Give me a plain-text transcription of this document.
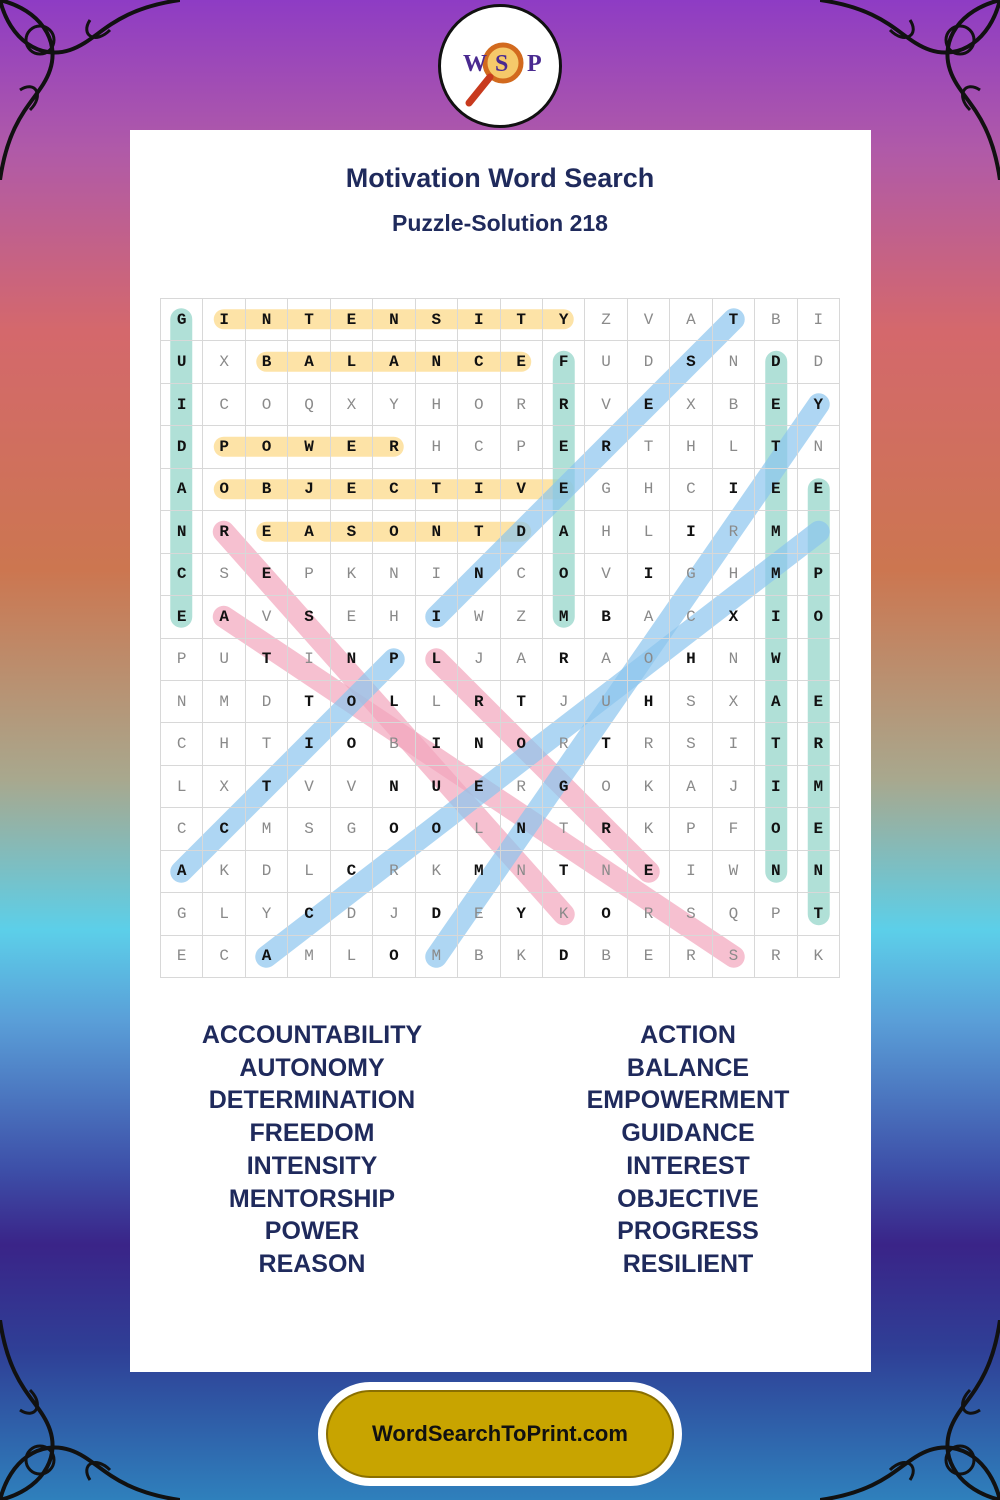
W S P
Motivation Word Search
Puzzle-Solution 218
G	I	N	T	E	N	S	I	T	Y	Z	V	A	T	B	I
U	X	B	A	L	A	N	C	E	F	U	D	S	N	D	D
I	C	O	Q	X	Y	H	O	R	R	V	E	X	B	E	Y
D	P	O	W	E	R	H	C	P	E	R	T	H	L	T	N
A	O	B	J	E	C	T	I	V	E	G	H	C	I	E	E
N	R	E	A	S	O	N	T	D	A	H	L	I	R	M
C	S	E	P	K	N	I	N	C	O	V	I	G	H	M	P
E	A	V	S	E	H	I	W	Z	M	B	A	C	X	I	O
P	U	T	I	N	P	L	J	A	R	A	O	H	N	W
N	M	D	T	O	L	L	R	T	J	U	H	S	X	A	E
C	H	T	I	O	B	I	N	O	R	T	R	S	I	T	R
L	X	T	V	V	N	U	E	R	G	O	K	A	J	I	M
C	C	M	S	G	O	O	L	N	T	R	K	P	F	O	E
A	K	D	L	C	R	K	M	N	T	N	E	I	W	N	N
G	L	Y	C	D	J	D	E	Y	K	O	R	S	Q	P	T
E	C	A	M	L	O	M	B	K	D	B	E	R	S	R	K
ACCOUNTABILITY
AUTONOMY
DETERMINATION
FREEDOM
INTENSITY
MENTORSHIP
POWER
REASON
ACTION
BALANCE
EMPOWERMENT
GUIDANCE
INTEREST
OBJECTIVE
PROGRESS
RESILIENT
WordSearchToPrint.com
